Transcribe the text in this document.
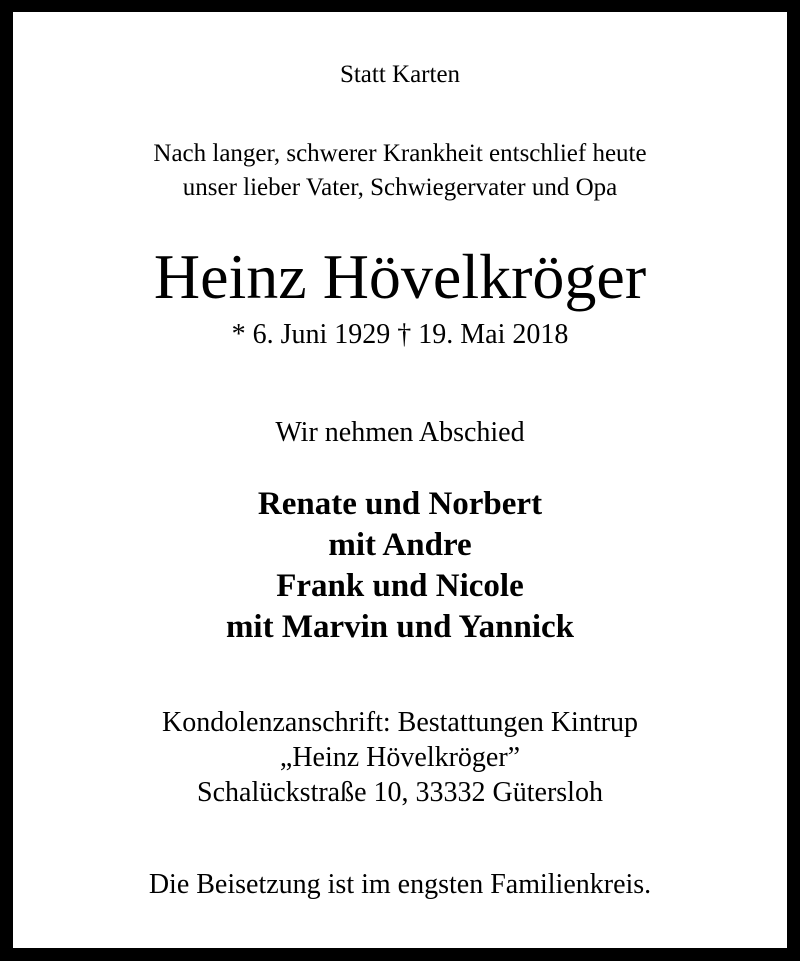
Statt Karten
Nach langer, schwerer Krankheit entschlief heute
unser lieber Vater, Schwiegervater und Opa
Heinz Hövelkröger
* 6. Juni 1929 † 19. Mai 2018
Wir nehmen Abschied
Renate und Norbert
mit Andre
Frank und Nicole
mit Marvin und Yannick
Kondolenzanschrift: Bestattungen Kintrup
„Heinz Hövelkröger”
Schalückstraße 10, 33332 Gütersloh
Die Beisetzung ist im engsten Familienkreis.
